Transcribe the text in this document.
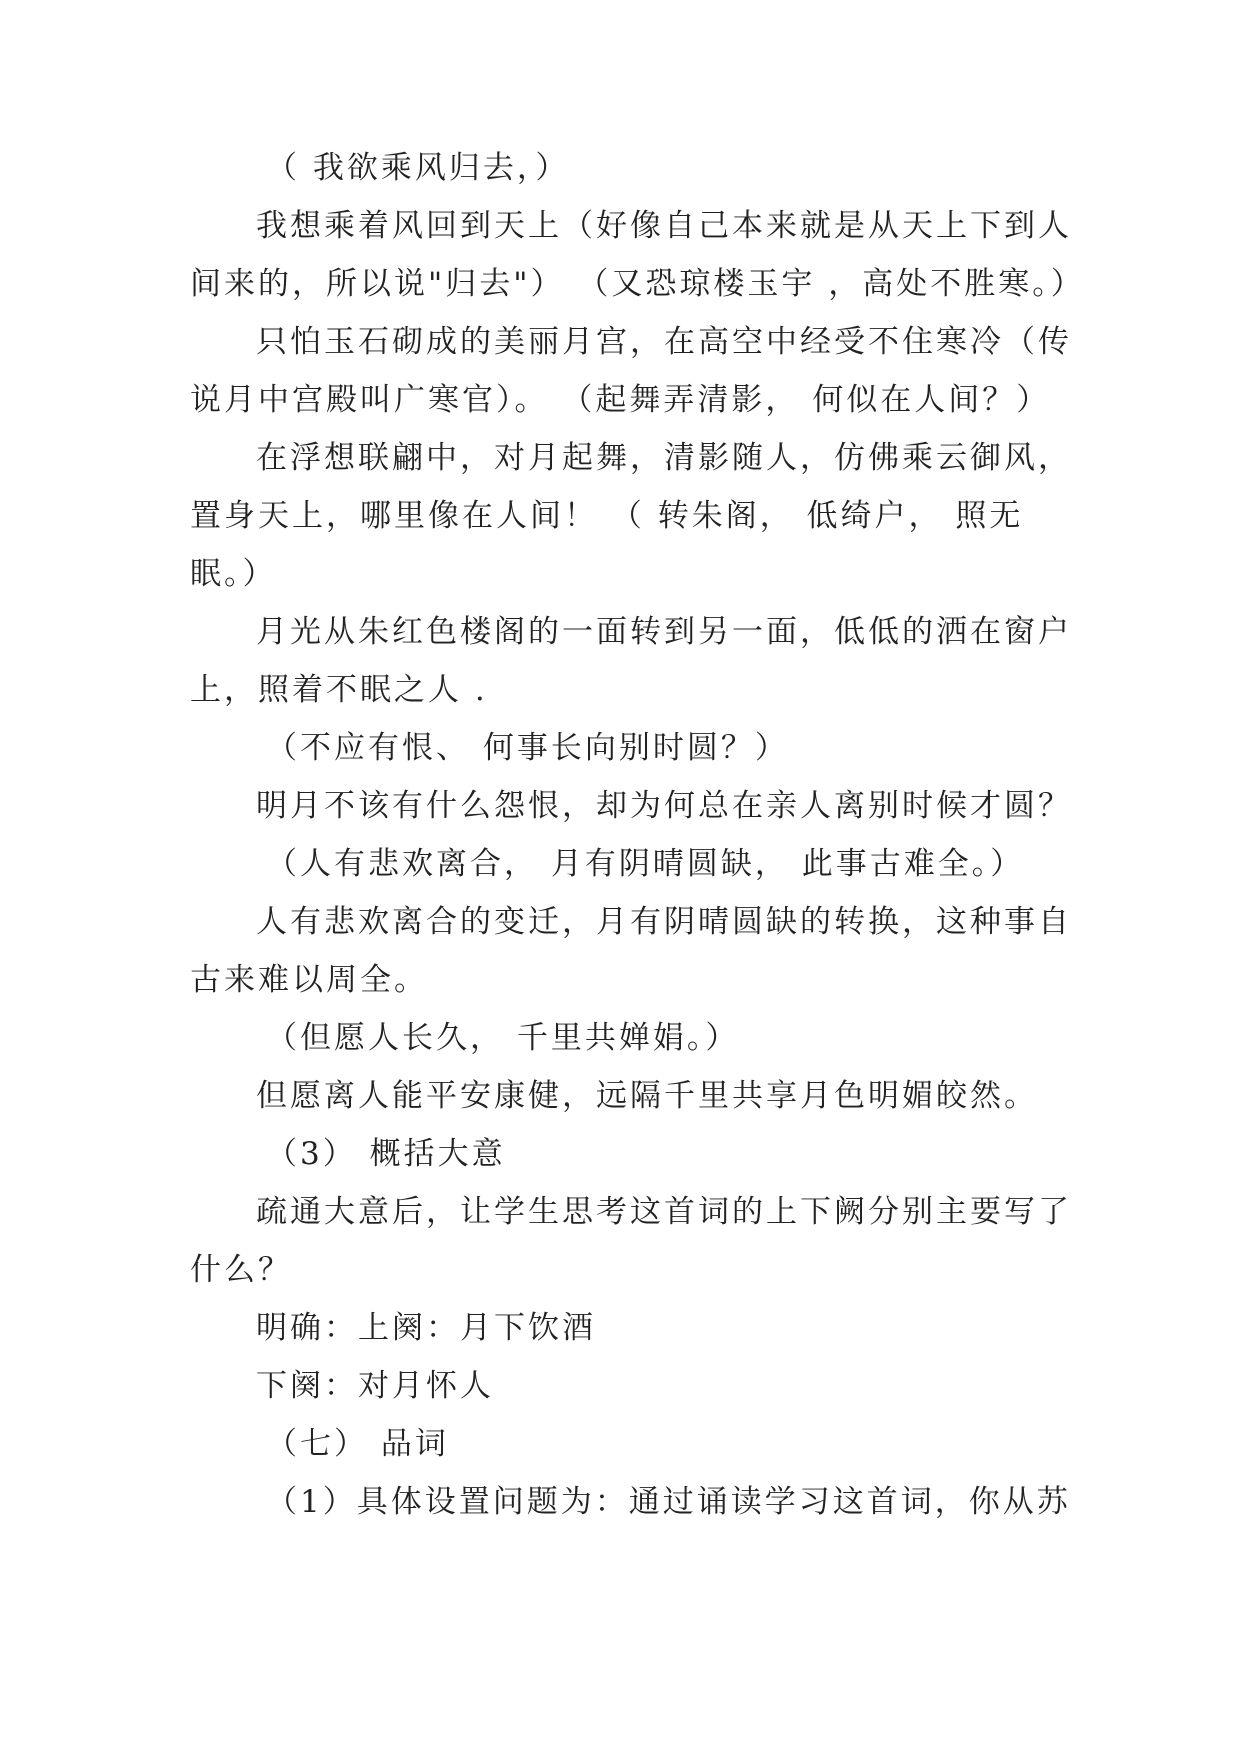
（ 我欲乘风归去，）
我想乘着风回到天上（好像自己本来就是从天上下到人
间来的，所以说"归去"） （又恐琼楼玉宇 ，高处不胜寒。）
只怕玉石砌成的美丽月宫，在高空中经受不住寒冷（传
说月中宫殿叫广寒官）。 （起舞弄清影， 何似在人间？）
在浮想联翩中，对月起舞，清影随人，仿佛乘云御风，
置身天上，哪里像在人间！ （ 转朱阁， 低绮户， 照无
眠。）
月光从朱红色楼阁的一面转到另一面，低低的洒在窗户
上，照着不眠之人 .
（不应有恨、 何事长向别时圆？）
明月不该有什么怨恨，却为何总在亲人离别时候才圆？
（人有悲欢离合， 月有阴晴圆缺， 此事古难全。）
人有悲欢离合的变迁，月有阴晴圆缺的转换，这种事自
古来难以周全。
（但愿人长久， 千里共婵娟。）
但愿离人能平安康健，远隔千里共享月色明媚皎然。
（3） 概括大意
疏通大意后，让学生思考这首词的上下阙分别主要写了
什么？
明确：上阕：月下饮酒
下阕：对月怀人
（七） 品词
（1）具体设置问题为：通过诵读学习这首词，你从苏
